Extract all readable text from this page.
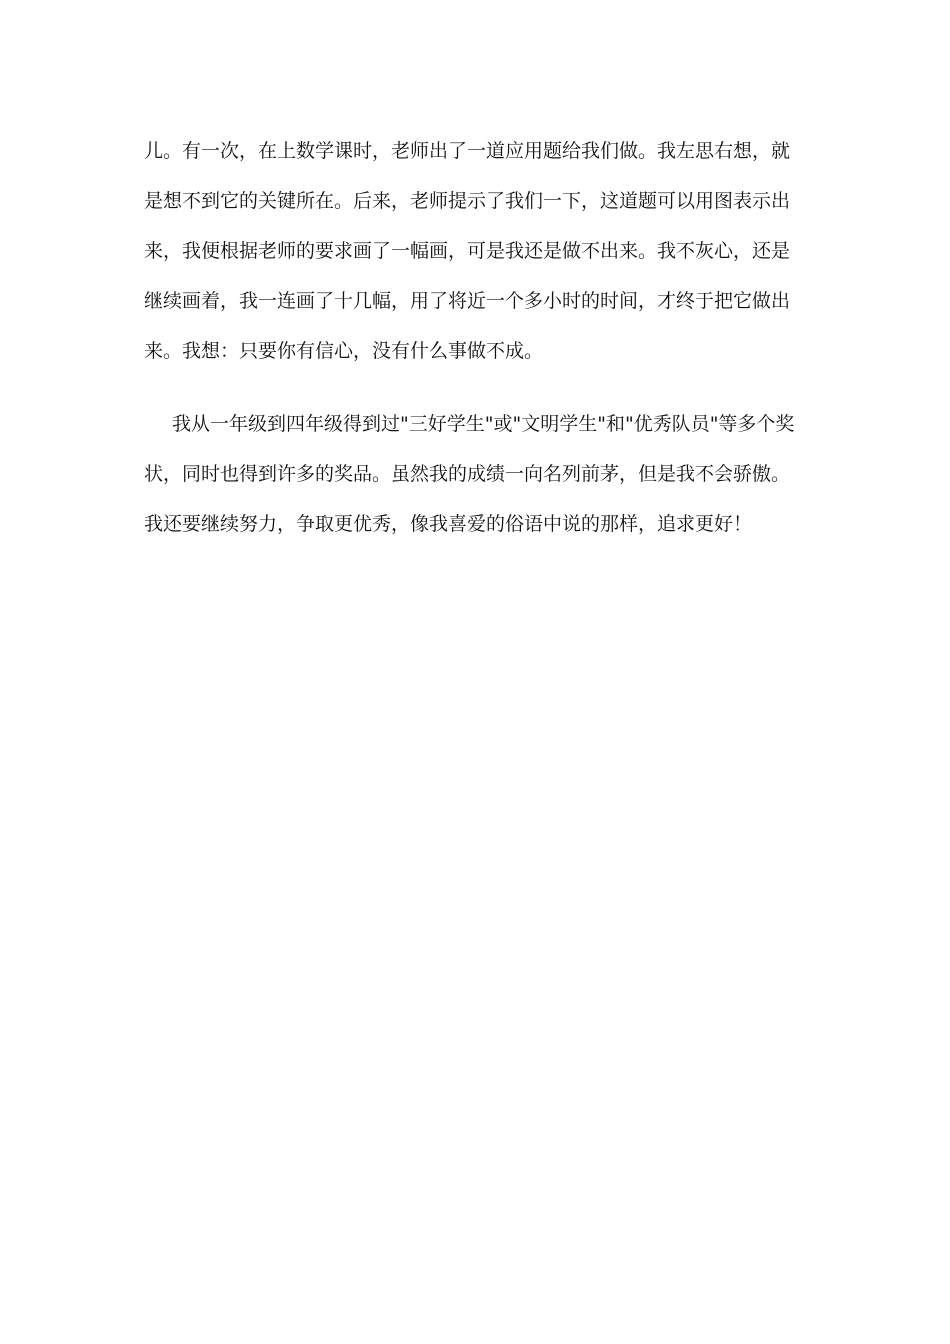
儿。有一次，在上数学课时，老师出了一道应用题给我们做。我左思右想，就
是想不到它的关键所在。后来，老师提示了我们一下，这道题可以用图表示出
来，我便根据老师的要求画了一幅画，可是我还是做不出来。我不灰心，还是
继续画着，我一连画了十几幅，用了将近一个多小时的时间，才终于把它做出
来。我想：只要你有信心，没有什么事做不成。
我从一年级到四年级得到过"三好学生"或"文明学生"和"优秀队员"等多个奖
状，同时也得到许多的奖品。虽然我的成绩一向名列前茅，但是我不会骄傲。
我还要继续努力，争取更优秀，像我喜爱的俗语中说的那样，追求更好！
